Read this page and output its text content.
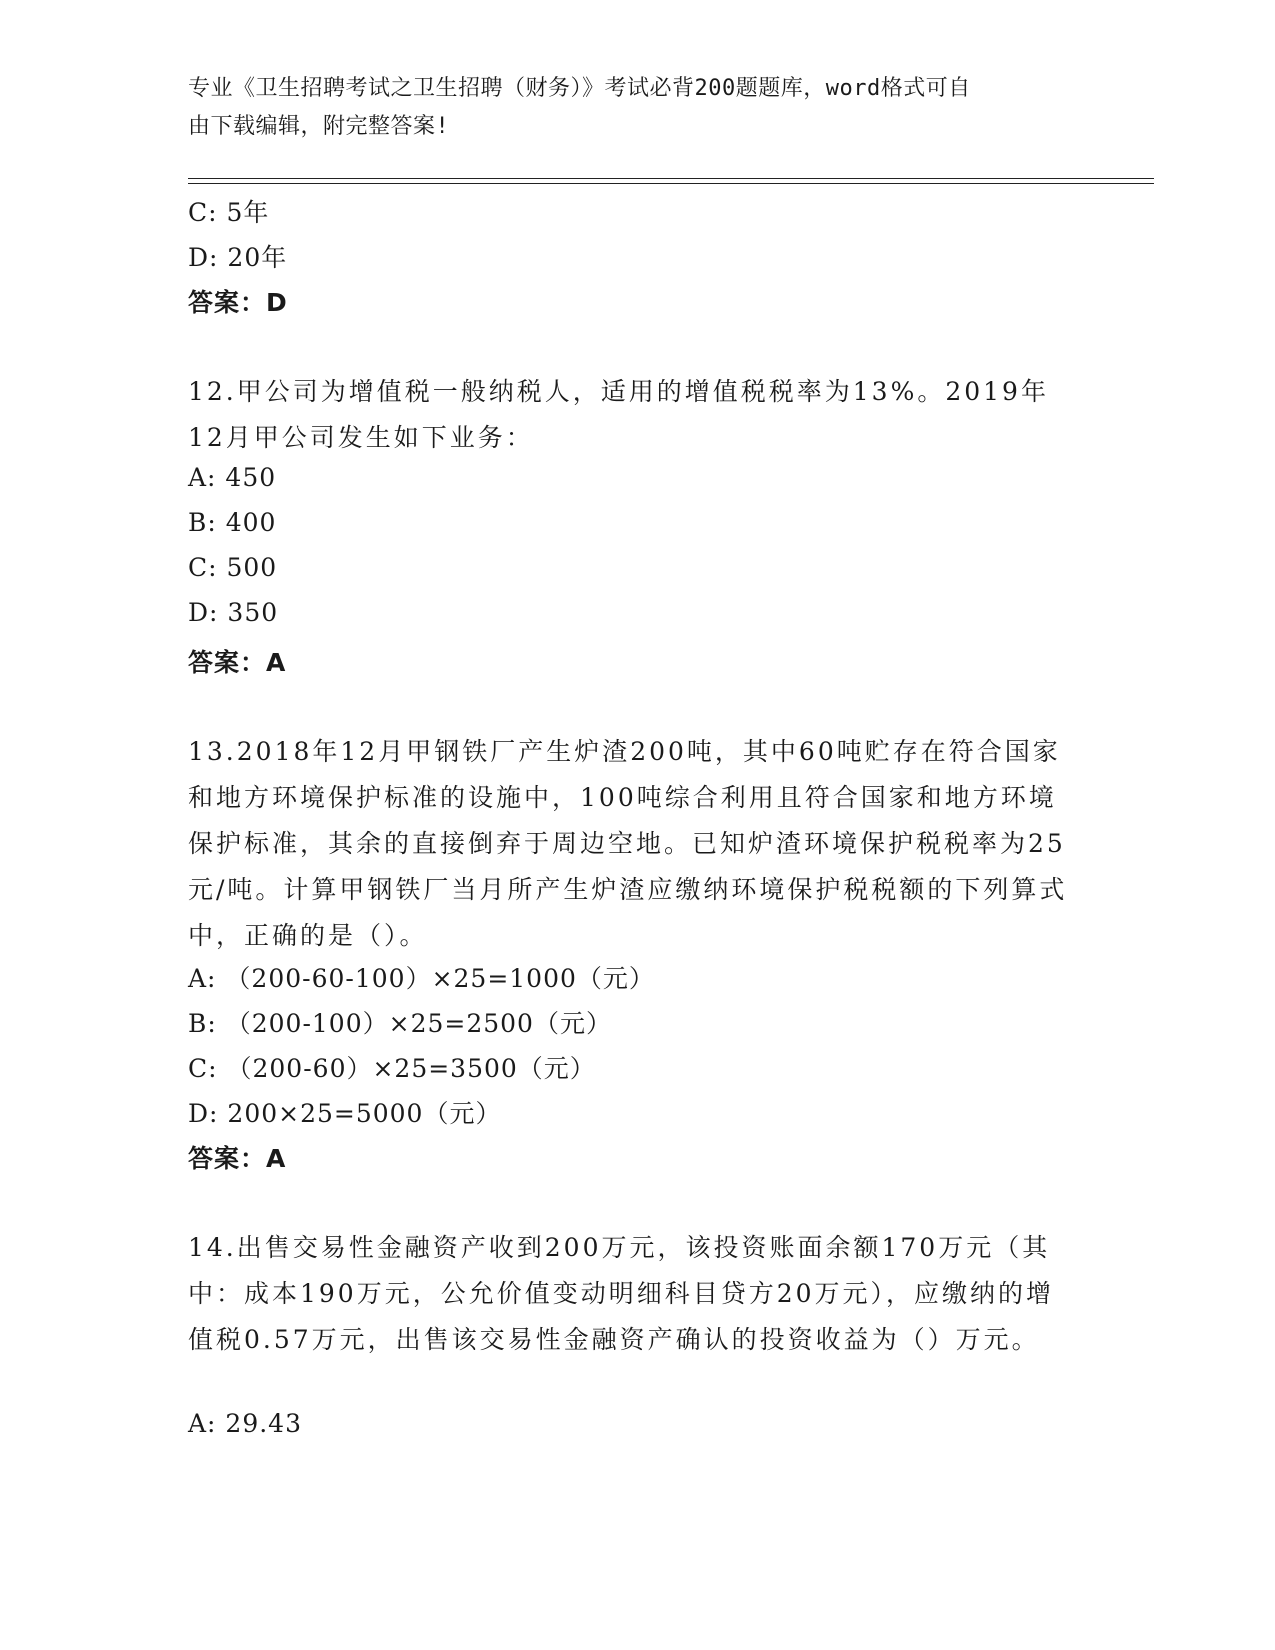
专业《卫生招聘考试之卫生招聘（财务）》考试必背200题题库，word格式可自
由下载编辑，附完整答案!
C: 5年
D: 20年
答案：D
12.甲公司为增值税一般纳税人，适用的增值税税率为13%。2019年12月甲公司发生如下业务：
A: 450
B: 400
C: 500
D: 350
答案：A
13.2018年12月甲钢铁厂产生炉渣200吨，其中60吨贮存在符合国家和地方环境保护标准的设施中，100吨综合利用且符合国家和地方环境保护标准，其余的直接倒弃于周边空地。已知炉渣环境保护税税率为25元/吨。计算甲钢铁厂当月所产生炉渣应缴纳环境保护税税额的下列算式中，正确的是（）。
A: （200-60-100）×25=1000（元）
B: （200-100）×25=2500（元）
C: （200-60）×25=3500（元）
D: 200×25=5000（元）
答案：A
14.出售交易性金融资产收到200万元，该投资账面余额170万元（其中：成本190万元，公允价值变动明细科目贷方20万元），应缴纳的增值税0.57万元，出售该交易性金融资产确认的投资收益为（）万元。
A: 29.43
